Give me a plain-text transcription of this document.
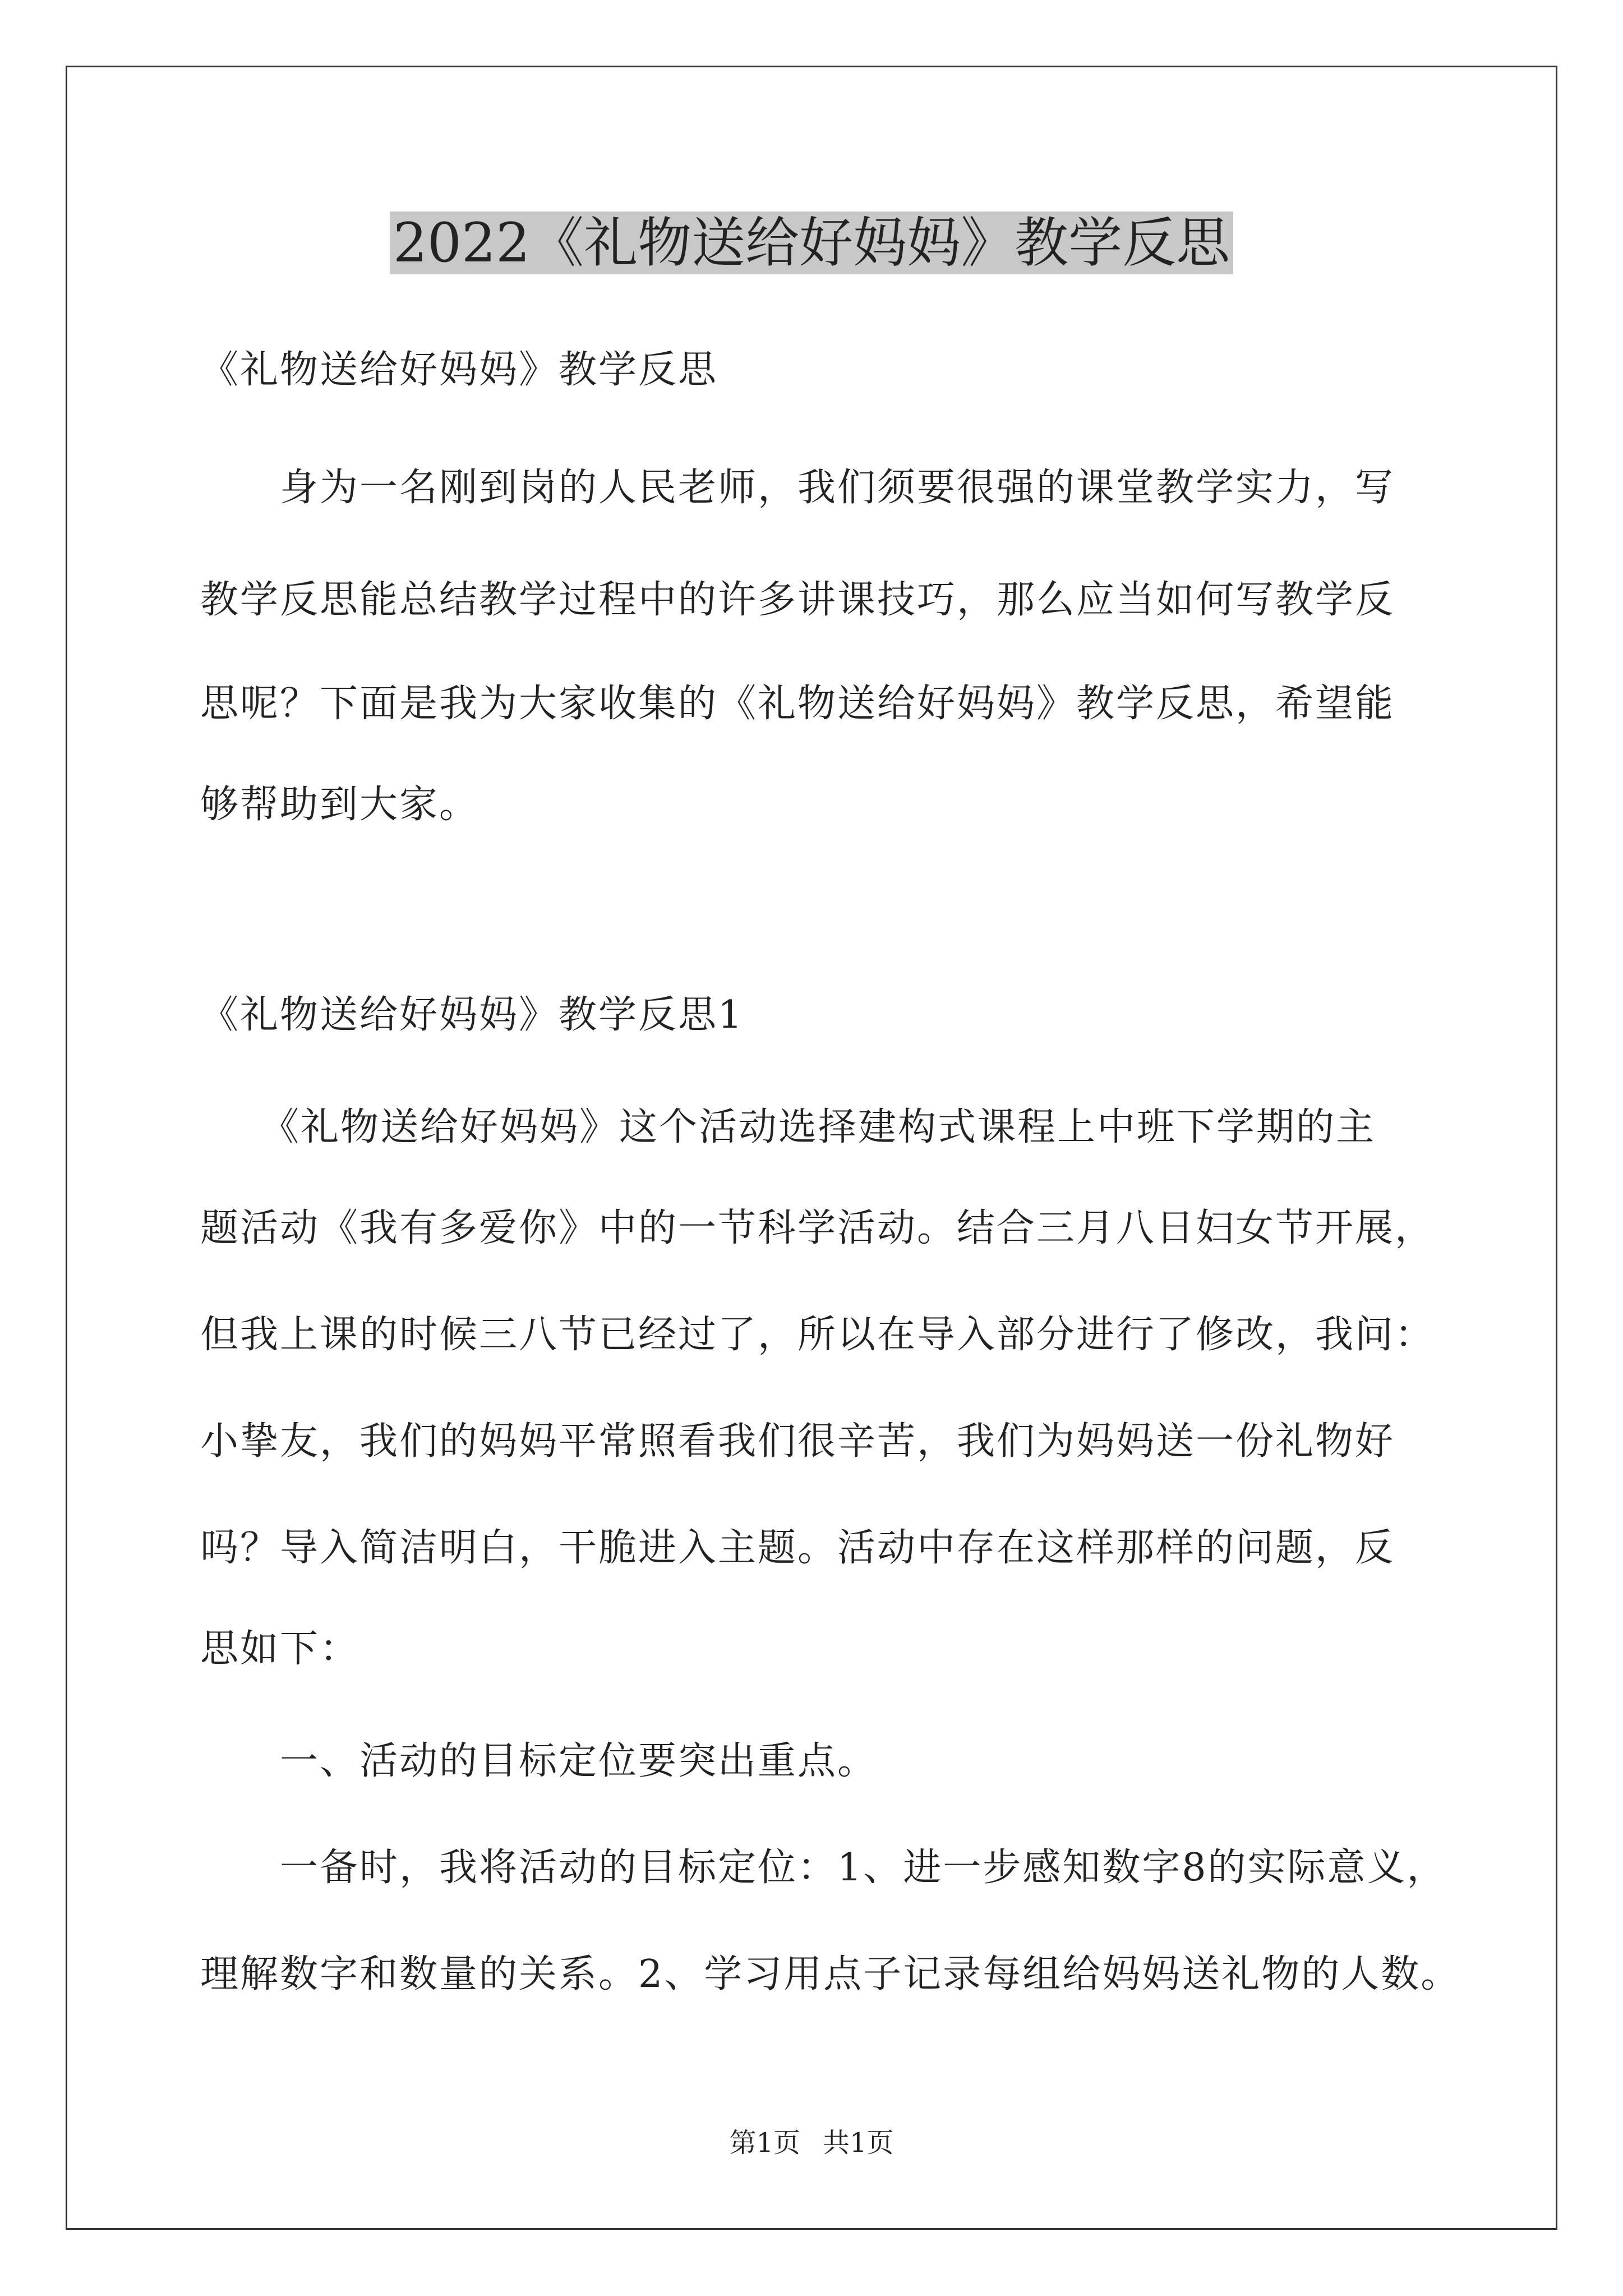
2022《礼物送给好妈妈》教学反思

《礼物送给好妈妈》教学反思

　　身为一名刚到岗的人民老师，我们须要很强的课堂教学实力，写

教学反思能总结教学过程中的许多讲课技巧，那么应当如何写教学反

思呢？下面是我为大家收集的《礼物送给好妈妈》教学反思，希望能

够帮助到大家。

《礼物送给好妈妈》教学反思1

　　《礼物送给好妈妈》这个活动选择建构式课程上中班下学期的主

题活动《我有多爱你》中的一节科学活动。结合三月八日妇女节开展，

但我上课的时候三八节已经过了，所以在导入部分进行了修改，我问：

小挚友，我们的妈妈平常照看我们很辛苦，我们为妈妈送一份礼物好

吗？导入简洁明白，干脆进入主题。活动中存在这样那样的问题，反

思如下：

　　一、活动的目标定位要突出重点。

　　一备时，我将活动的目标定位：1、进一步感知数字8的实际意义，

理解数字和数量的关系。2、学习用点子记录每组给妈妈送礼物的人数。

第1页 共1页
